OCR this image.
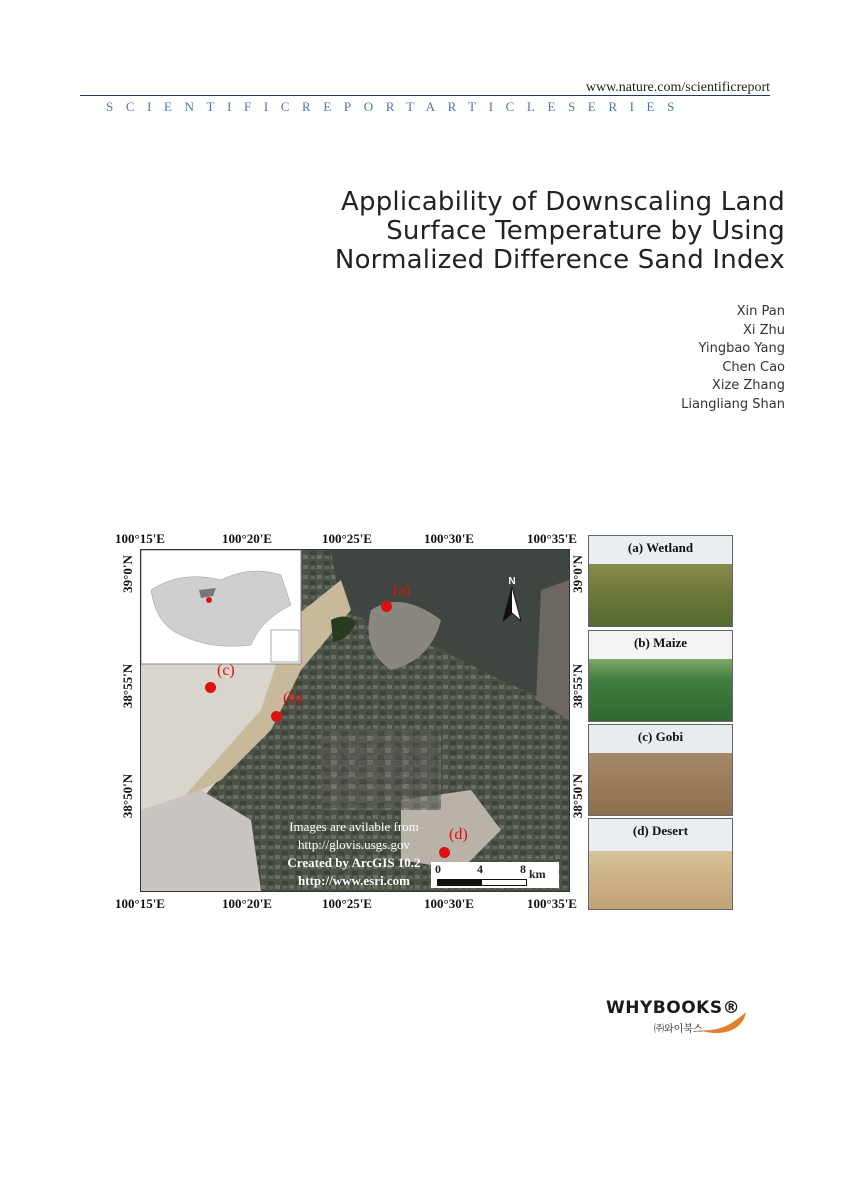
www.nature.com/scientificreport
SCIENTIFICREPORTARTICLESERIES
Applicability of Downscaling Land
Surface Temperature by Using
Normalized Difference Sand Index
Xin Pan
Xi Zhu
Yingbao Yang
Chen Cao
Xize Zhang
Liangliang Shan
100°15'E	100°20'E	100°25'E	100°30'E	100°35'E
100°15'E	100°20'E	100°25'E	100°30'E	100°35'E
39°0'N
38°55'N
38°50'N
39°0'N
38°55'N
38°50'N
N
(a)
(b)
(c)
(d)
Images are avilable from
http://glovis.usgs.gov
Created by ArcGIS 10.2
http://www.esri.com
0	4	8 km
(a) Wetland
(b) Maize
(c) Gobi
(d) Desert
WHYBOOKS®
㈜와이북스
